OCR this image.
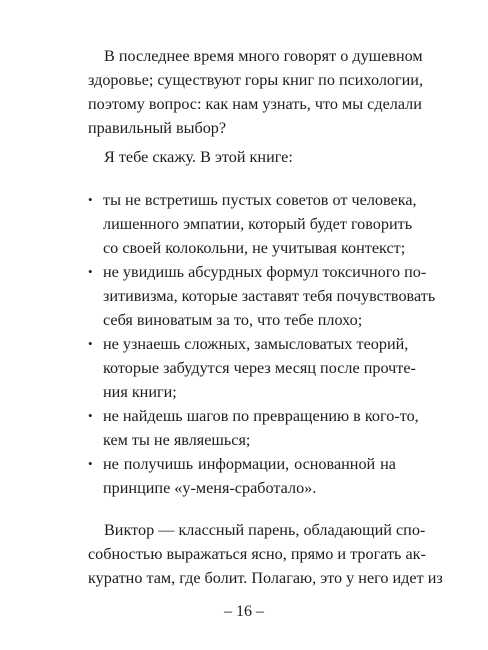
В последнее время много говорят о душевном
здоровье; существуют горы книг по психологии,
поэтому вопрос: как нам узнать, что мы сделали
правильный выбор?
Я тебе скажу. В этой книге:
• ты не встретишь пустых советов от человека,
лишенного эмпатии, который будет говорить
со своей колокольни, не учитывая контекст;
• не увидишь абсурдных формул токсичного по-
зитивизма, которые заставят тебя почувствовать
себя виноватым за то, что тебе плохо;
• не узнаешь сложных, замысловатых теорий,
которые забудутся через месяц после прочте-
ния книги;
• не найдешь шагов по превращению в кого-то,
кем ты не являешься;
• не получишь информации, основанной на
принципе «у-меня-сработало».
Виктор — классный парень, обладающий спо-
собностью выражаться ясно, прямо и трогать ак-
куратно там, где болит. Полагаю, это у него идет из
– 16 –
